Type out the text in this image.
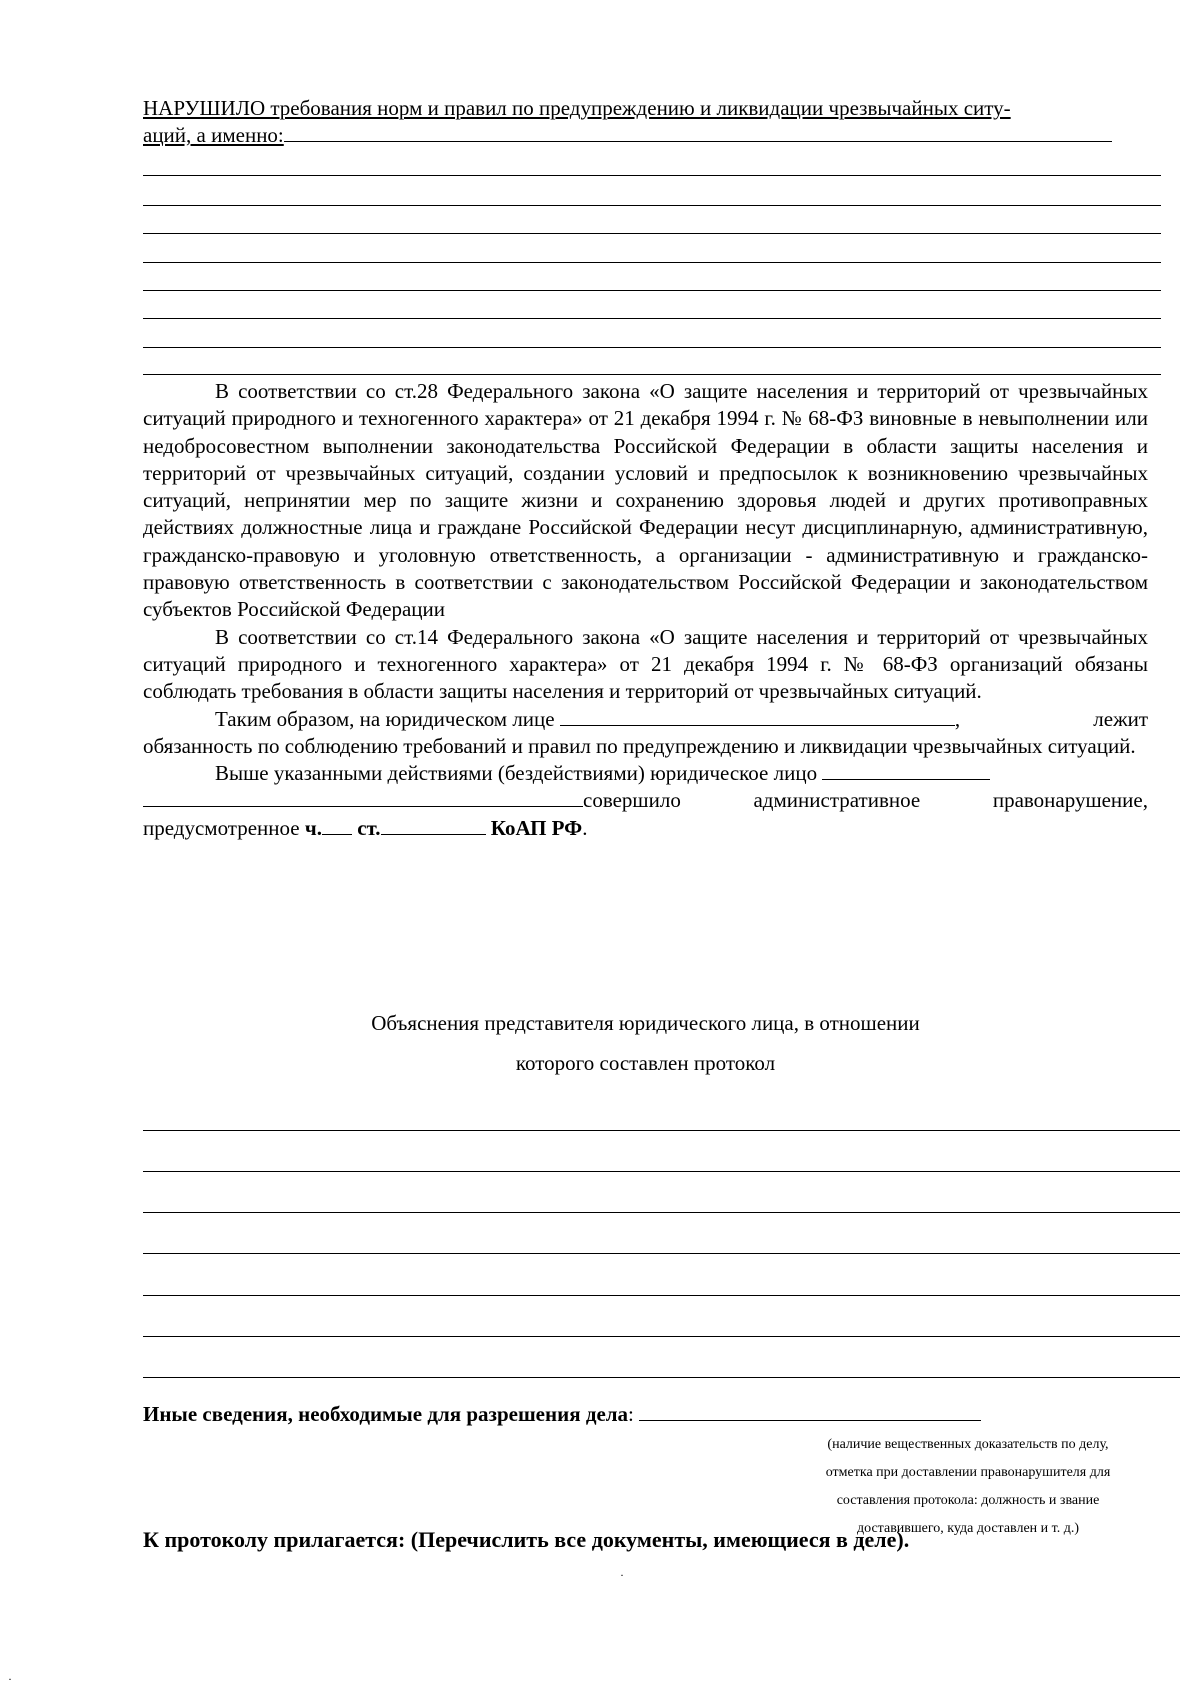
НАРУШИЛО требования норм и правил по предупреждению и ликвидации чрезвычайных ситу-
аций, а именно:

В соответствии со ст.28 Федерального закона «О защите населения и территорий от чрезвычайных ситуаций природного и техногенного характера» от 21 декабря 1994 г. № 68-ФЗ виновные в невыполнении или недобросовестном выполнении законодательства Российской Федерации в области защиты населения и территорий от чрезвычайных ситуаций, создании условий и предпосылок к возникновению чрезвычайных ситуаций, непринятии мер по защите жизни и сохранению здоровья людей и других противоправных действиях должностные лица и граждане Российской Федерации несут дисциплинарную, административную, гражданско-правовую и уголовную ответственность, а организации - административную и гражданско-правовую ответственность в соответствии с законодательством Российской Федерации и законодательством субъектов Российской Федерации

В соответствии со ст.14 Федерального закона «О защите населения и территорий от чрезвычайных ситуаций природного и техногенного характера» от 21 декабря 1994 г. № 68-ФЗ организаций обязаны соблюдать требования в области защиты населения и территорий от чрезвычайных ситуаций.

Таким образом, на юридическом лице	,	лежит

обязанность по соблюдению требований и правил по предупреждению и ликвидации чрезвычайных ситуаций.

Выше указанными действиями (бездействиями) юридическое лицо
совершило	административное	правонарушение,
предусмотренное ч. ст.	КоАП РФ.
Объяснения представителя юридического лица, в отношении
которого составлен протокол
Иные сведения, необходимые для разрешения дела:
(наличие вещественных доказательств по делу,
отметка при доставлении правонарушителя для
составления протокола: должность и звание
доставившего, куда доставлен и т. д.)
К протоколу прилагается: (Перечислить все документы, имеющиеся в деле).
·
·
